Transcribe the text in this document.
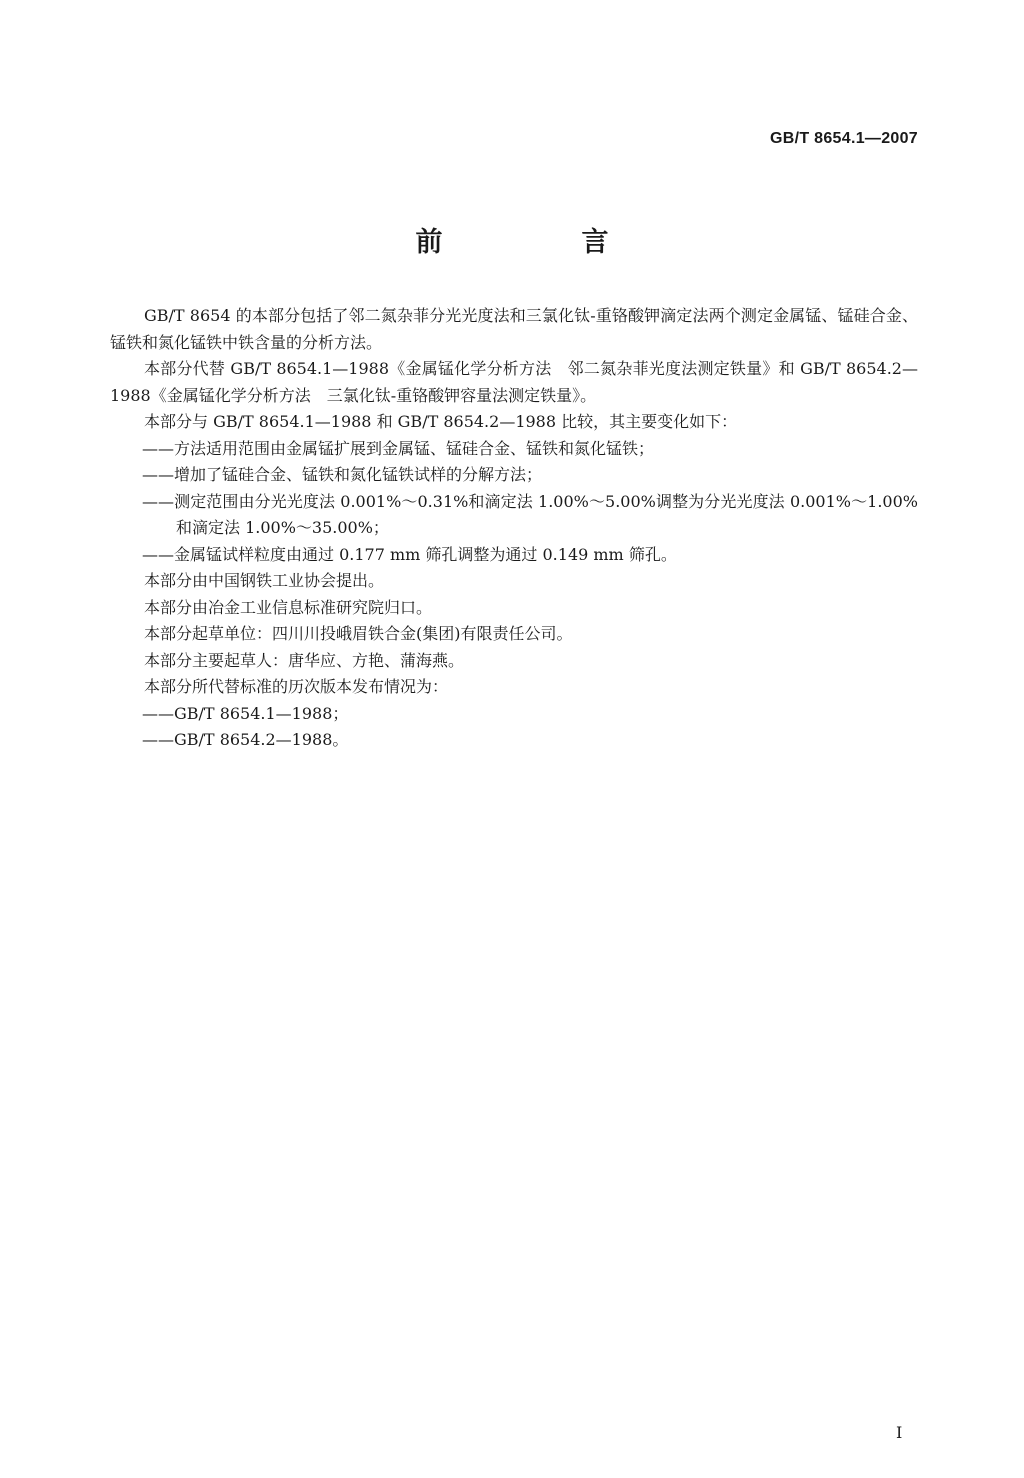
GB/T 8654.1—2007

前　言

GB/T 8654 的本部分包括了邻二氮杂菲分光光度法和三氯化钛-重铬酸钾滴定法两个测定金属锰、锰硅合金、锰铁和氮化锰铁中铁含量的分析方法。

本部分代替 GB/T 8654.1—1988《金属锰化学分析方法　邻二氮杂菲光度法测定铁量》和 GB/T 8654.2—1988《金属锰化学分析方法　三氯化钛-重铬酸钾容量法测定铁量》。

本部分与 GB/T 8654.1—1988 和 GB/T 8654.2—1988 比较，其主要变化如下：

——方法适用范围由金属锰扩展到金属锰、锰硅合金、锰铁和氮化锰铁；

——增加了锰硅合金、锰铁和氮化锰铁试样的分解方法；

——测定范围由分光光度法 0.001%～0.31%和滴定法 1.00%～5.00%调整为分光光度法 0.001%～1.00%和滴定法 1.00%～35.00%；

——金属锰试样粒度由通过 0.177 mm 筛孔调整为通过 0.149 mm 筛孔。

本部分由中国钢铁工业协会提出。

本部分由冶金工业信息标准研究院归口。

本部分起草单位：四川川投峨眉铁合金(集团)有限责任公司。

本部分主要起草人：唐华应、方艳、蒲海燕。

本部分所代替标准的历次版本发布情况为：

——GB/T 8654.1—1988；

——GB/T 8654.2—1988。

I
